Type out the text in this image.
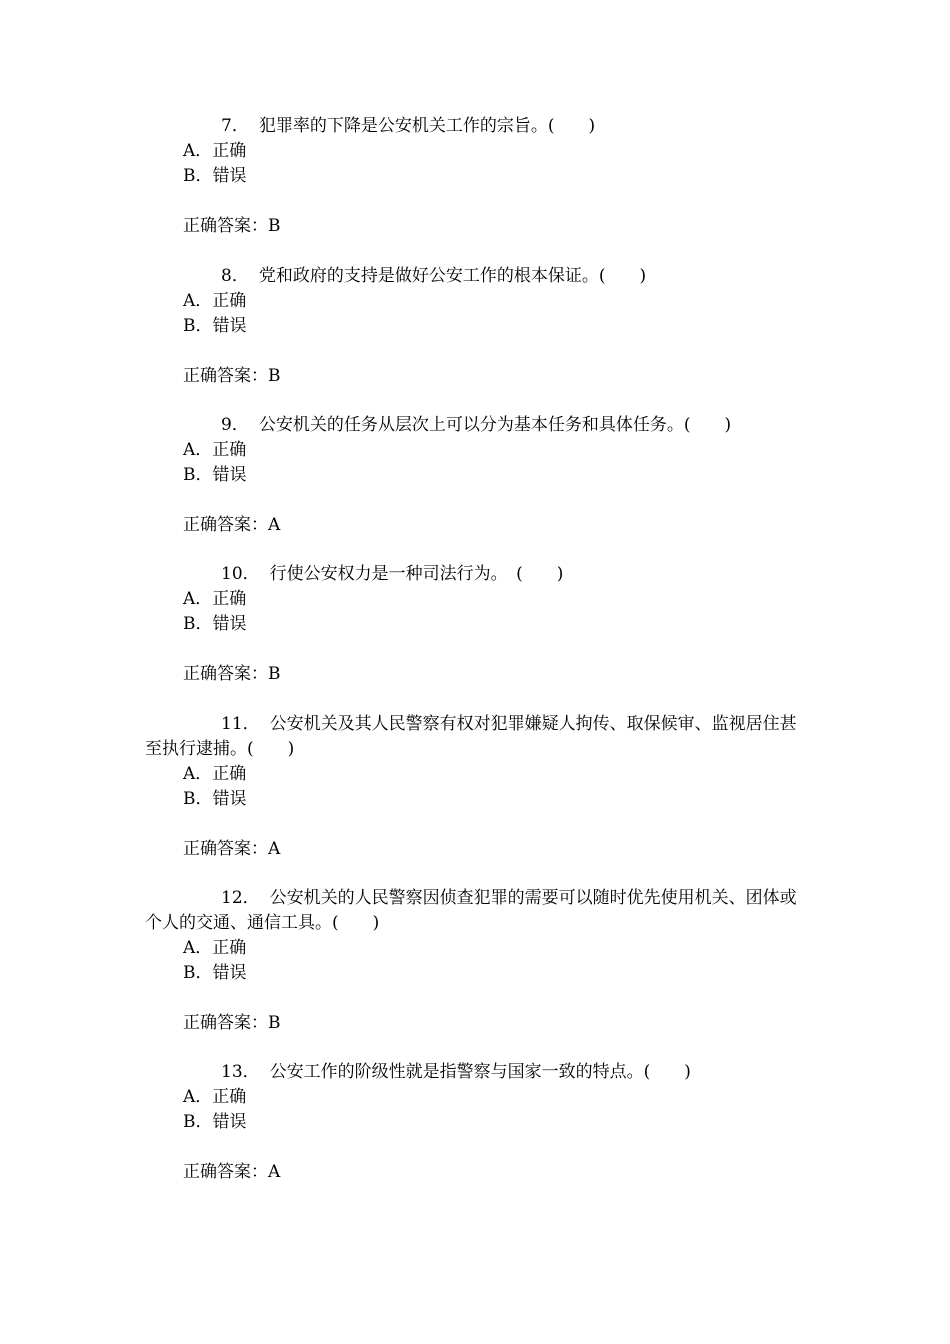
7． 犯罪率的下降是公安机关工作的宗旨。(　　)

A．正确
B．错误

正确答案：B

8． 党和政府的支持是做好公安工作的根本保证。(　　)

A．正确
B．错误

正确答案：B

9． 公安机关的任务从层次上可以分为基本任务和具体任务。(　　)

A．正确
B．错误

正确答案：A

10． 行使公安权力是一种司法行为。　(　　)

A．正确
B．错误

正确答案：B

11． 公安机关及其人民警察有权对犯罪嫌疑人拘传、取保候审、监视居住甚至执行逮捕。(　　)

A．正确
B．错误

正确答案：A

12． 公安机关的人民警察因侦查犯罪的需要可以随时优先使用机关、团体或个人的交通、通信工具。(　　)

A．正确
B．错误

正确答案：B

13． 公安工作的阶级性就是指警察与国家一致的特点。(　　)

A．正确
B．错误

正确答案：A
